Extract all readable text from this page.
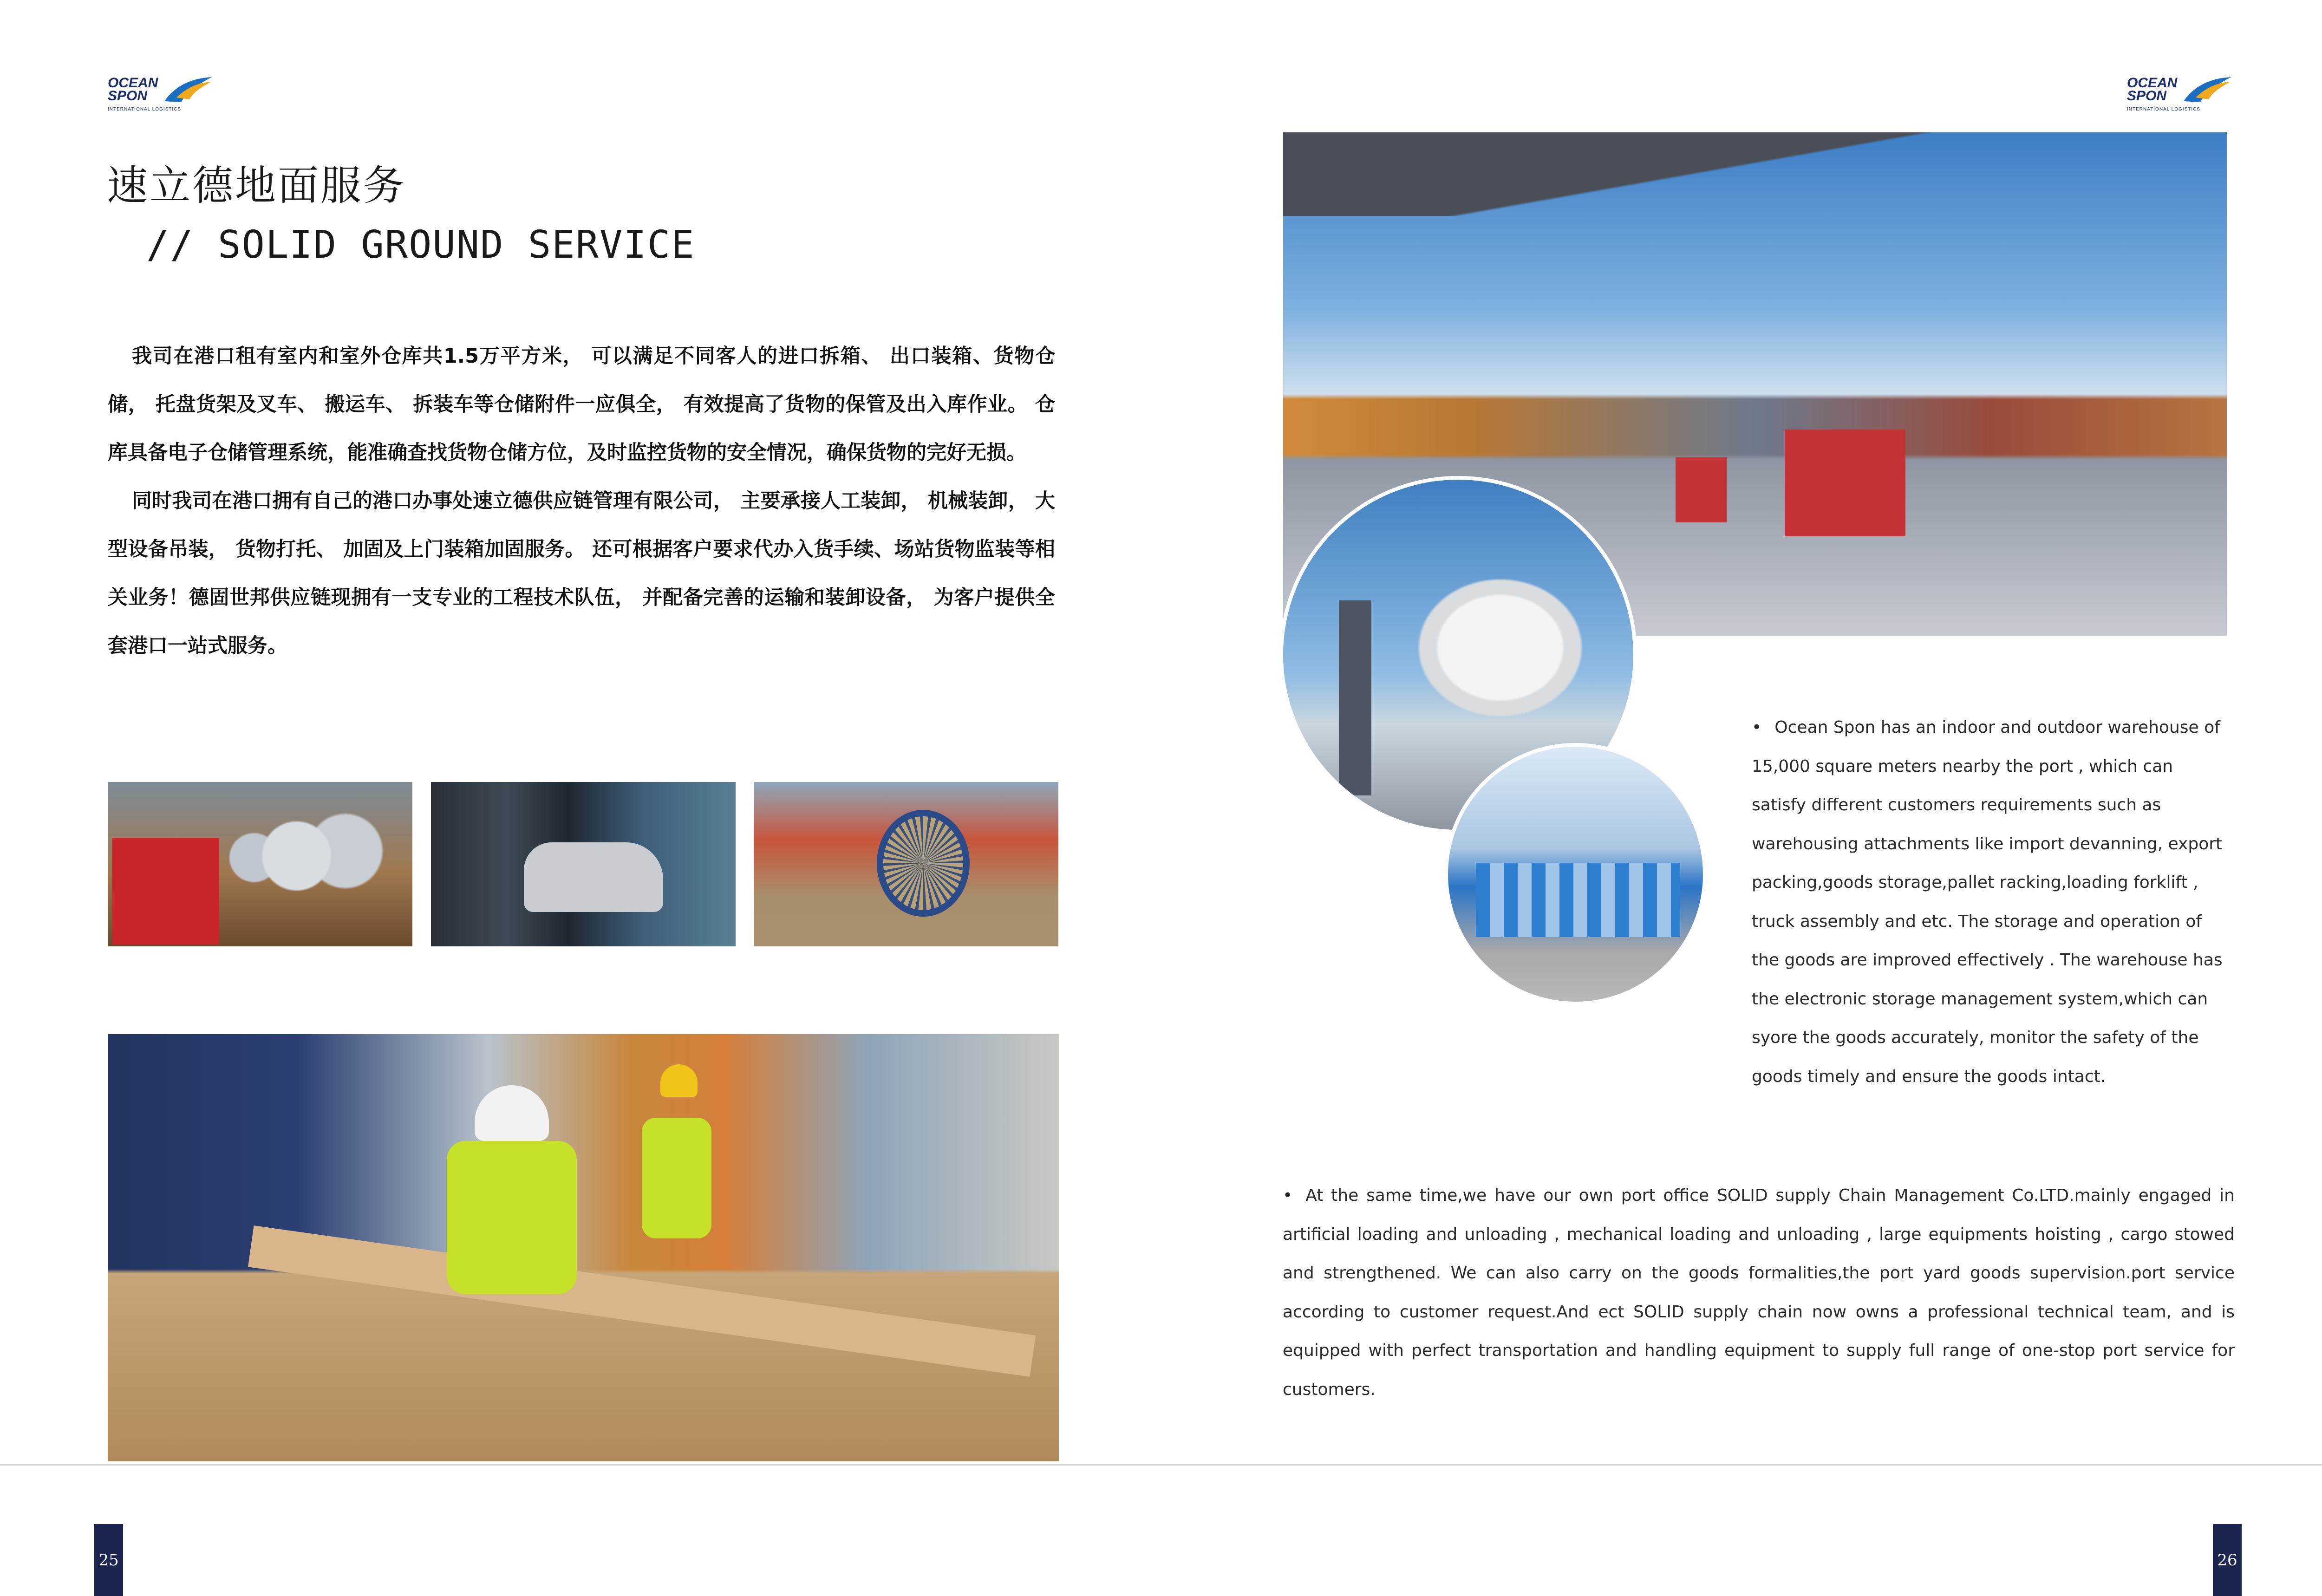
OCEAN
SPON
INTERNATIONAL LOGISTICS
OCEAN
SPON
INTERNATIONAL LOGISTICS
速立德地面服务
// SOLID GROUND SERVICE

我司在港口租有室内和室外仓库共1.5万平方米， 可以满足不同客人的进口拆箱、 出口装箱、货物仓储， 托盘货架及叉车、 搬运车、 拆装车等仓储附件一应俱全， 有效提高了货物的保管及出入库作业。 仓库具备电子仓储管理系统，能准确查找货物仓储方位，及时监控货物的安全情况，确保货物的完好无损。

同时我司在港口拥有自己的港口办事处速立德供应链管理有限公司， 主要承接人工装卸， 机械装卸， 大型设备吊装， 货物打托、 加固及上门装箱加固服务。 还可根据客户要求代办入货手续、场站货物监装等相关业务！德固世邦供应链现拥有一支专业的工程技术队伍， 并配备完善的运输和装卸设备， 为客户提供全套港口一站式服务。

• Ocean Spon has an indoor and outdoor warehouse of 15,000 square meters nearby the port , which can satisfy different customers requirements such as warehousing attachments like import devanning, export packing,goods storage,pallet racking,loading forklift , truck assembly and etc. The storage and operation of the goods are improved effectively . The warehouse has the electronic storage management system,which can syore the goods accurately, monitor the safety of the goods timely and ensure the goods intact.
• At the same time,we have our own port office SOLID supply Chain Management Co.LTD.mainly engaged in artificial loading and unloading , mechanical loading and unloading , large equipments hoisting , cargo stowed and strengthened. We can also carry on the goods formalities,the port yard goods supervision.port service according to customer request.And ect SOLID supply chain now owns a professional technical team, and is equipped with perfect transportation and handling equipment to supply full range of one-stop port service for customers.
25	26
